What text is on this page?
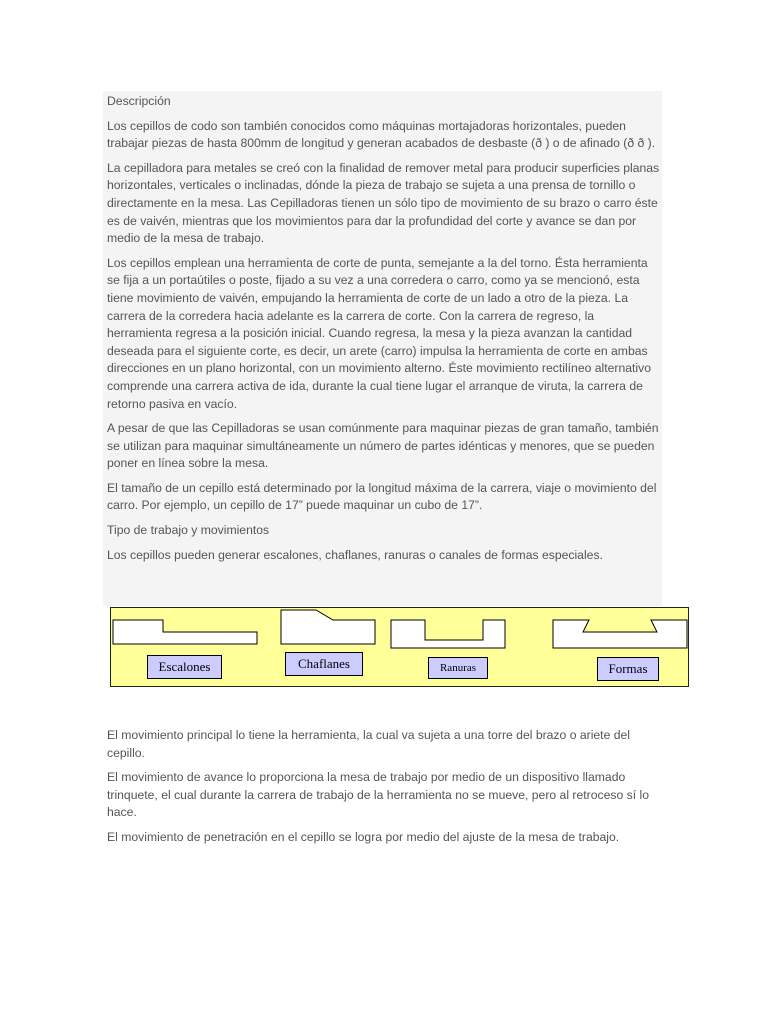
Descripción

Los cepillos de codo son también conocidos como máquinas mortajadoras horizontales, pueden trabajar piezas de hasta 800mm de longitud y generan acabados de desbaste (ð ) o de afinado (ð ð ).

La cepilladora para metales se creó con la finalidad de remover metal para producir superficies planas horizontales, verticales o inclinadas, dónde la pieza de trabajo se sujeta a una prensa de tornillo o directamente en la mesa. Las Cepilladoras tienen un sólo tipo de movimiento de su brazo o carro éste es de vaivén, mientras que los movimientos para dar la profundidad del corte y avance se dan por medio de la mesa de trabajo.

Los cepillos emplean una herramienta de corte de punta, semejante a la del torno. Ésta herramienta se fija a un portaútiles o poste, fijado a su vez a una corredera o carro, como ya se mencionó, esta tiene movimiento de vaivén, empujando la herramienta de corte de un lado a otro de la pieza. La carrera de la corredera hacia adelante es la carrera de corte. Con la carrera de regreso, la herramienta regresa a la posición inicial. Cuando regresa, la mesa y la pieza avanzan la cantidad deseada para el siguiente corte, es decir, un arete (carro) impulsa la herramienta de corte en ambas direcciones en un plano horizontal, con un movimiento alterno. Éste movimiento rectilíneo alternativo comprende una carrera activa de ida, durante la cual tiene lugar el arranque de viruta, la carrera de retorno pasiva en vacío.

A pesar de que las Cepilladoras se usan comúnmente para maquinar piezas de gran tamaño, también se utilizan para maquinar simultáneamente un número de partes idénticas y menores, que se pueden poner en línea sobre la mesa.

El tamaño de un cepillo está determinado por la longitud máxima de la carrera, viaje o movimiento del carro. Por ejemplo, un cepillo de 17” puede maquinar un cubo de 17”.

Tipo de trabajo y movimientos

Los cepillos pueden generar escalones, chaflanes, ranuras o canales de formas especiales.

Escalones	Chaflanes	Ranuras	Formas

El movimiento principal lo tiene la herramienta, la cual va sujeta a una torre del brazo o ariete del cepillo.

El movimiento de avance lo proporciona la mesa de trabajo por medio de un dispositivo llamado trinquete, el cual durante la carrera de trabajo de la herramienta no se mueve, pero al retroceso sí lo hace.

El movimiento de penetración en el cepillo se logra por medio del ajuste de la mesa de trabajo.
